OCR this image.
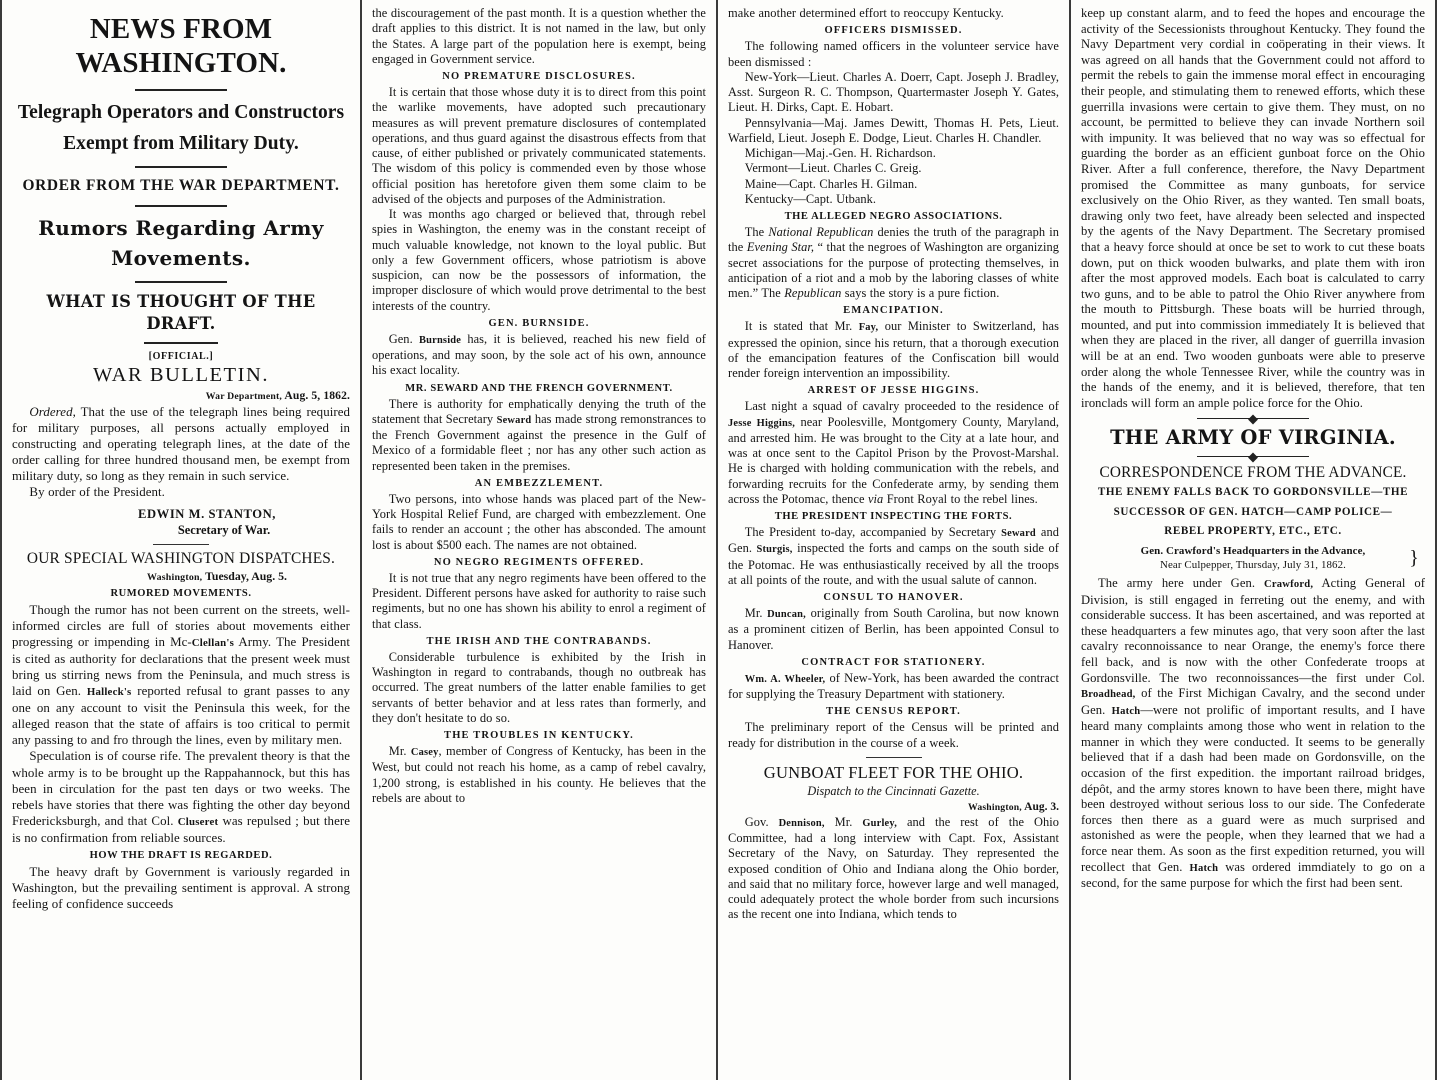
NEWS FROM WASHINGTON.
Telegraph Operators and Constructors
Exempt from Military Duty.
ORDER FROM THE WAR DEPARTMENT.
Rumors Regarding Army
Movements.
WHAT IS THOUGHT OF THE DRAFT.
[OFFICIAL.]
WAR BULLETIN.
War Department, Aug. 5, 1862.

Ordered, That the use of the telegraph lines being required for military purposes, all persons actually employed in constructing and operating telegraph lines, at the date of the order calling for three hundred thousand men, be exempt from military duty, so long as they remain in such service.

By order of the President.

EDWIN M. STANTON,
Secretary of War.
OUR SPECIAL WASHINGTON DISPATCHES.
Washington, Tuesday, Aug. 5.
RUMORED MOVEMENTS.

Though the rumor has not been current on the streets, well-informed circles are full of stories about movements either progressing or impending in Mc-Clellan's Army. The President is cited as authority for declarations that the present week must bring us stirring news from the Peninsula, and much stress is laid on Gen. Halleck's reported refusal to grant passes to any one on any account to visit the Peninsula this week, for the alleged reason that the state of affairs is too critical to permit any passing to and fro through the lines, even by military men.

Speculation is of course rife. The prevalent theory is that the whole army is to be brought up the Rappahannock, but this has been in circulation for the past ten days or two weeks. The rebels have stories that there was fighting the other day beyond Fredericksburgh, and that Col. Cluseret was repulsed ; but there is no confirmation from reliable sources.

HOW THE DRAFT IS REGARDED.

The heavy draft by Government is variously regarded in Washington, but the prevailing sentiment is approval. A strong feeling of confidence succeeds

the discouragement of the past month. It is a question whether the draft applies to this district. It is not named in the law, but only the States. A large part of the population here is exempt, being engaged in Government service.

NO PREMATURE DISCLOSURES.

It is certain that those whose duty it is to direct from this point the warlike movements, have adopted such precautionary measures as will prevent premature disclosures of contemplated operations, and thus guard against the disastrous effects from that cause, of either published or privately communicated statements. The wisdom of this policy is commended even by those whose official position has heretofore given them some claim to be advised of the objects and purposes of the Administration.

It was months ago charged or believed that, through rebel spies in Washington, the enemy was in the constant receipt of much valuable knowledge, not known to the loyal public. But only a few Government officers, whose patriotism is above suspicion, can now be the possessors of information, the improper disclosure of which would prove detrimental to the best interests of the country.

GEN. BURNSIDE.

Gen. Burnside has, it is believed, reached his new field of operations, and may soon, by the sole act of his own, announce his exact locality.

MR. SEWARD AND THE FRENCH GOVERNMENT.

There is authority for emphatically denying the truth of the statement that Secretary Seward has made strong remonstrances to the French Government against the presence in the Gulf of Mexico of a formidable fleet ; nor has any other such action as represented been taken in the premises.

AN EMBEZZLEMENT.

Two persons, into whose hands was placed part of the New-York Hospital Relief Fund, are charged with embezzlement. One fails to render an account ; the other has absconded. The amount lost is about $500 each. The names are not obtained.

NO NEGRO REGIMENTS OFFERED.

It is not true that any negro regiments have been offered to the President. Different persons have asked for authority to raise such regiments, but no one has shown his ability to enrol a regiment of that class.

THE IRISH AND THE CONTRABANDS.

Considerable turbulence is exhibited by the Irish in Washington in regard to contrabands, though no outbreak has occurred. The great numbers of the latter enable families to get servants of better behavior and at less rates than formerly, and they don't hesitate to do so.

THE TROUBLES IN KENTUCKY.

Mr. Casey, member of Congress of Kentucky, has been in the West, but could not reach his home, as a camp of rebel cavalry, 1,200 strong, is established in his county. He believes that the rebels are about to

make another determined effort to reoccupy Kentucky.

OFFICERS DISMISSED.

The following named officers in the volunteer service have been dismissed :

New-York—Lieut. Charles A. Doerr, Capt. Joseph J. Bradley, Asst. Surgeon R. C. Thompson, Quartermaster Joseph Y. Gates, Lieut. H. Dirks, Capt. E. Hobart.

Pennsylvania—Maj. James Dewitt, Thomas H. Pets, Lieut. Warfield, Lieut. Joseph E. Dodge, Lieut. Charles H. Chandler.

Michigan—Maj.-Gen. H. Richardson.

Vermont—Lieut. Charles C. Greig.

Maine—Capt. Charles H. Gilman.

Kentucky—Capt. Utbank.

THE ALLEGED NEGRO ASSOCIATIONS.

The National Republican denies the truth of the paragraph in the Evening Star, “ that the negroes of Washington are organizing secret associations for the purpose of protecting themselves, in anticipation of a riot and a mob by the laboring classes of white men.” The Republican says the story is a pure fiction.

EMANCIPATION.

It is stated that Mr. Fay, our Minister to Switzerland, has expressed the opinion, since his return, that a thorough execution of the emancipation features of the Confiscation bill would render foreign intervention an impossibility.

ARREST OF JESSE HIGGINS.

Last night a squad of cavalry proceeded to the residence of Jesse Higgins, near Poolesville, Montgomery County, Maryland, and arrested him. He was brought to the City at a late hour, and was at once sent to the Capitol Prison by the Provost-Marshal. He is charged with holding communication with the rebels, and forwarding recruits for the Confederate army, by sending them across the Potomac, thence via Front Royal to the rebel lines.

THE PRESIDENT INSPECTING THE FORTS.

The President to-day, accompanied by Secretary Seward and Gen. Sturgis, inspected the forts and camps on the south side of the Potomac. He was enthusiastically received by all the troops at all points of the route, and with the usual salute of cannon.

CONSUL TO HANOVER.

Mr. Duncan, originally from South Carolina, but now known as a prominent citizen of Berlin, has been appointed Consul to Hanover.

CONTRACT FOR STATIONERY.

Wm. A. Wheeler, of New-York, has been awarded the contract for supplying the Treasury Department with stationery.

THE CENSUS REPORT.

The preliminary report of the Census will be printed and ready for distribution in the course of a week.

GUNBOAT FLEET FOR THE OHIO.
Dispatch to the Cincinnati Gazette.
Washington, Aug. 3.

Gov. Dennison, Mr. Gurley, and the rest of the Ohio Committee, had a long interview with Capt. Fox, Assistant Secretary of the Navy, on Saturday. They represented the exposed condition of Ohio and Indiana along the Ohio border, and said that no military force, however large and well managed, could adequately protect the whole border from such incursions as the recent one into Indiana, which tends to

keep up constant alarm, and to feed the hopes and encourage the activity of the Secessionists throughout Kentucky. They found the Navy Department very cordial in coöperating in their views. It was agreed on all hands that the Government could not afford to permit the rebels to gain the immense moral effect in encouraging their people, and stimulating them to renewed efforts, which these guerrilla invasions were certain to give them. They must, on no account, be permitted to believe they can invade Northern soil with impunity. It was believed that no way was so effectual for guarding the border as an efficient gunboat force on the Ohio River. After a full conference, therefore, the Navy Department promised the Committee as many gunboats, for service exclusively on the Ohio River, as they wanted. Ten small boats, drawing only two feet, have already been selected and inspected by the agents of the Navy Department. The Secretary promised that a heavy force should at once be set to work to cut these boats down, put on thick wooden bulwarks, and plate them with iron after the most approved models. Each boat is calculated to carry two guns, and to be able to patrol the Ohio River anywhere from the mouth to Pittsburgh. These boats will be hurried through, mounted, and put into commission immediately It is believed that when they are placed in the river, all danger of guerrilla invasion will be at an end. Two wooden gunboats were able to preserve order along the whole Tennessee River, while the country was in the hands of the enemy, and it is believed, therefore, that ten ironclads will form an ample police force for the Ohio.

THE ARMY OF VIRGINIA.
CORRESPONDENCE FROM THE ADVANCE.
THE ENEMY FALLS BACK TO GORDONSVILLE—THE
SUCCESSOR OF GEN. HATCH—CAMP POLICE—
REBEL PROPERTY, ETC., ETC.
}
Gen. Crawford's Headquarters in the Advance,
Near Culpepper, Thursday, July 31, 1862.

The army here under Gen. Crawford, Acting General of Division, is still engaged in ferreting out the enemy, and with considerable success. It has been ascertained, and was reported at these headquarters a few minutes ago, that very soon after the last cavalry reconnoissance to near Orange, the enemy's force there fell back, and is now with the other Confederate troops at Gordonsville. The two reconnoissances—the first under Col. Broadhead, of the First Michigan Cavalry, and the second under Gen. Hatch—were not prolific of important results, and I have heard many complaints among those who went in relation to the manner in which they were conducted. It seems to be generally believed that if a dash had been made on Gordonsville, on the occasion of the first expedition. the important railroad bridges, dépôt, and the army stores known to have been there, might have been destroyed without serious loss to our side. The Confederate forces then there as a guard were as much surprised and astonished as were the people, when they learned that we had a force near them. As soon as the first expedition returned, you will recollect that Gen. Hatch was ordered immdiately to go on a second, for the same purpose for which the first had been sent.
